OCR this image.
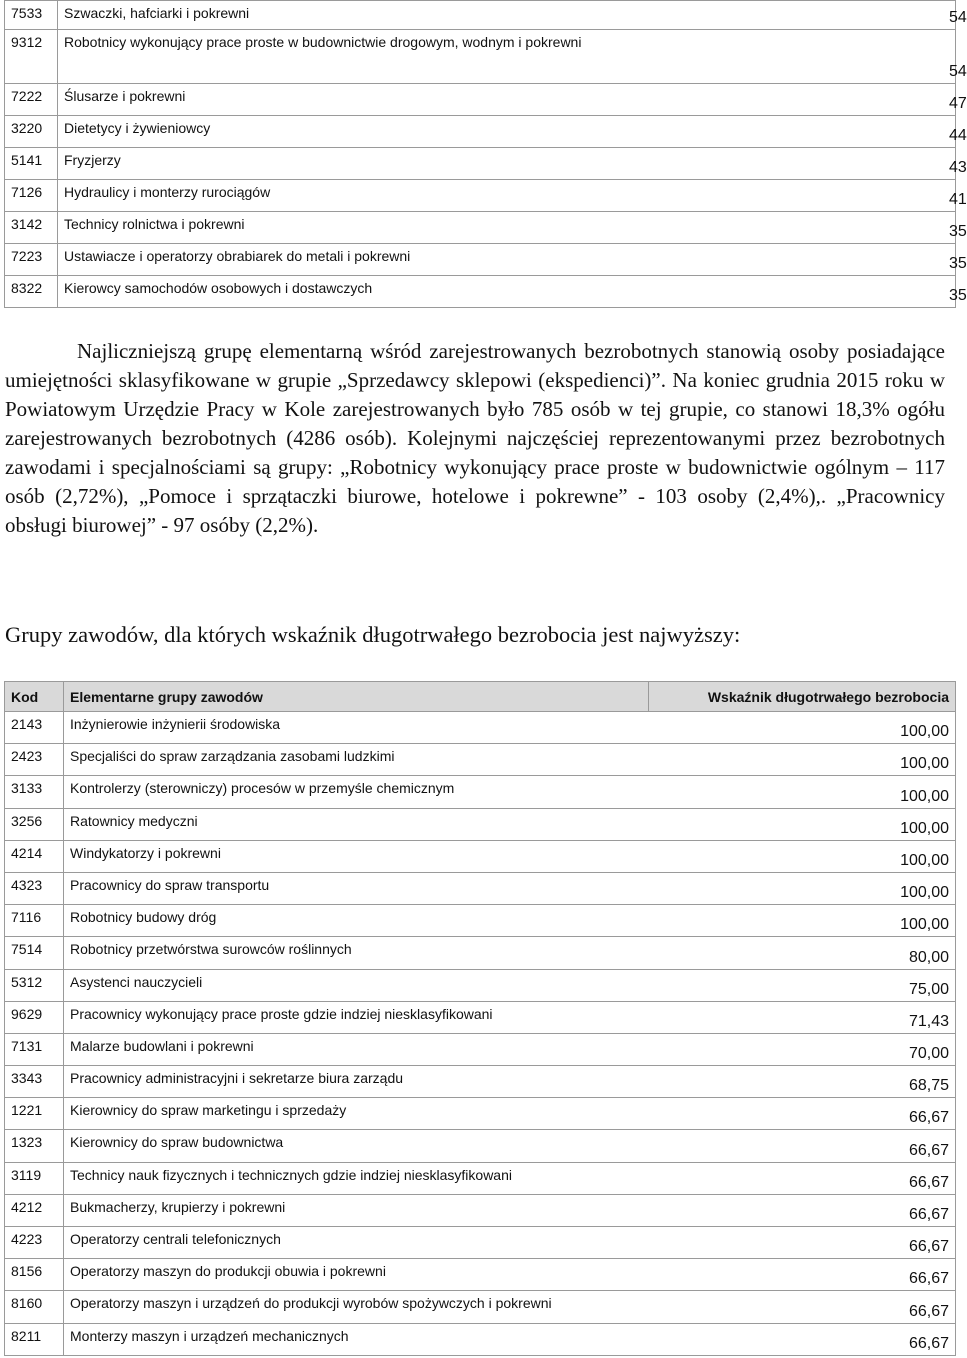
7533	Szwaczki, hafciarki i pokrewni	54
9312	Robotnicy wykonujący prace proste w budownictwie drogowym, wodnym i pokrewni	54
7222	Ślusarze i pokrewni	47
3220	Dietetycy i żywieniowcy	44
5141	Fryzjerzy	43
7126	Hydraulicy i monterzy rurociągów	41
3142	Technicy rolnictwa i pokrewni	35
7223	Ustawiacze i operatorzy obrabiarek do metali i pokrewni	35
8322	Kierowcy samochodów osobowych i dostawczych	35

Najliczniejszą grupę elementarną wśród zarejestrowanych bezrobotnych stanowią osoby posiadające umiejętności sklasyfikowane w grupie „Sprzedawcy sklepowi (ekspedienci)”. Na koniec grudnia 2015 roku w Powiatowym Urzędzie Pracy w Kole zarejestrowanych było 785 osób w tej grupie, co stanowi 18,3% ogółu zarejestrowanych bezrobotnych (4286 osób). Kolejnymi najczęściej reprezentowanymi przez bezrobotnych zawodami i specjalnościami są grupy: „Robotnicy wykonujący prace proste w budownictwie ogólnym – 117 osób (2,72%), „Pomoce i sprzątaczki biurowe, hotelowe i pokrewne” - 103 osoby (2,4%),. „Pracownicy obsługi biurowej” - 97 osóby (2,2%).

Grupy zawodów, dla których wskaźnik długotrwałego bezrobocia jest najwyższy:
Kod	Elementarne grupy zawodów	Wskaźnik długotrwałego bezrobocia
2143	Inżynierowie inżynierii środowiska	100,00
2423	Specjaliści do spraw zarządzania zasobami ludzkimi	100,00
3133	Kontrolerzy (sterowniczy) procesów w przemyśle chemicznym	100,00
3256	Ratownicy medyczni	100,00
4214	Windykatorzy i pokrewni	100,00
4323	Pracownicy do spraw transportu	100,00
7116	Robotnicy budowy dróg	100,00
7514	Robotnicy przetwórstwa surowców roślinnych	80,00
5312	Asystenci nauczycieli	75,00
9629	Pracownicy wykonujący prace proste gdzie indziej niesklasyfikowani	71,43
7131	Malarze budowlani i pokrewni	70,00
3343	Pracownicy administracyjni i sekretarze biura zarządu	68,75
1221	Kierownicy do spraw marketingu i sprzedaży	66,67
1323	Kierownicy do spraw budownictwa	66,67
3119	Technicy nauk fizycznych i technicznych gdzie indziej niesklasyfikowani	66,67
4212	Bukmacherzy, krupierzy i pokrewni	66,67
4223	Operatorzy centrali telefonicznych	66,67
8156	Operatorzy maszyn do produkcji obuwia i pokrewni	66,67
8160	Operatorzy maszyn i urządzeń do produkcji wyrobów spożywczych i pokrewni	66,67
8211	Monterzy maszyn i urządzeń mechanicznych	66,67
